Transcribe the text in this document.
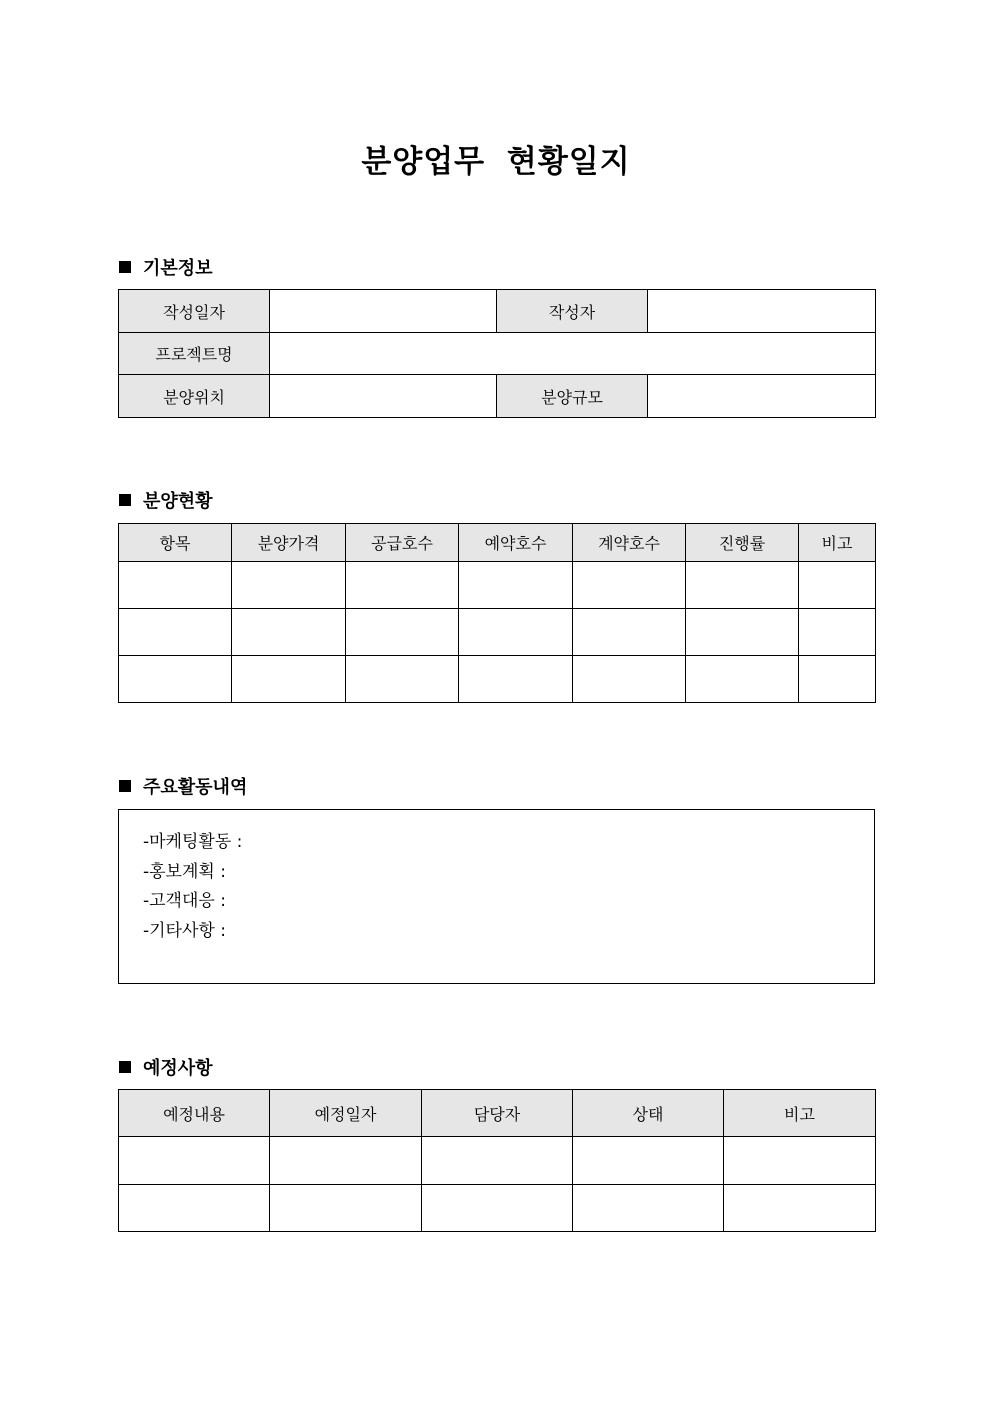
분양업무 현황일지
기본정보
작성일자		작성자	
프로젝트명			
분양위치		분양규모	
분양현황
항목	분양가격	공급호수	예약호수	계약호수	진행률	비고

주요활동내역
-마케팅활동 :
-홍보계획 :
-고객대응 :
-기타사항 :
예정사항
예정내용	예정일자	담당자	상태	비고
